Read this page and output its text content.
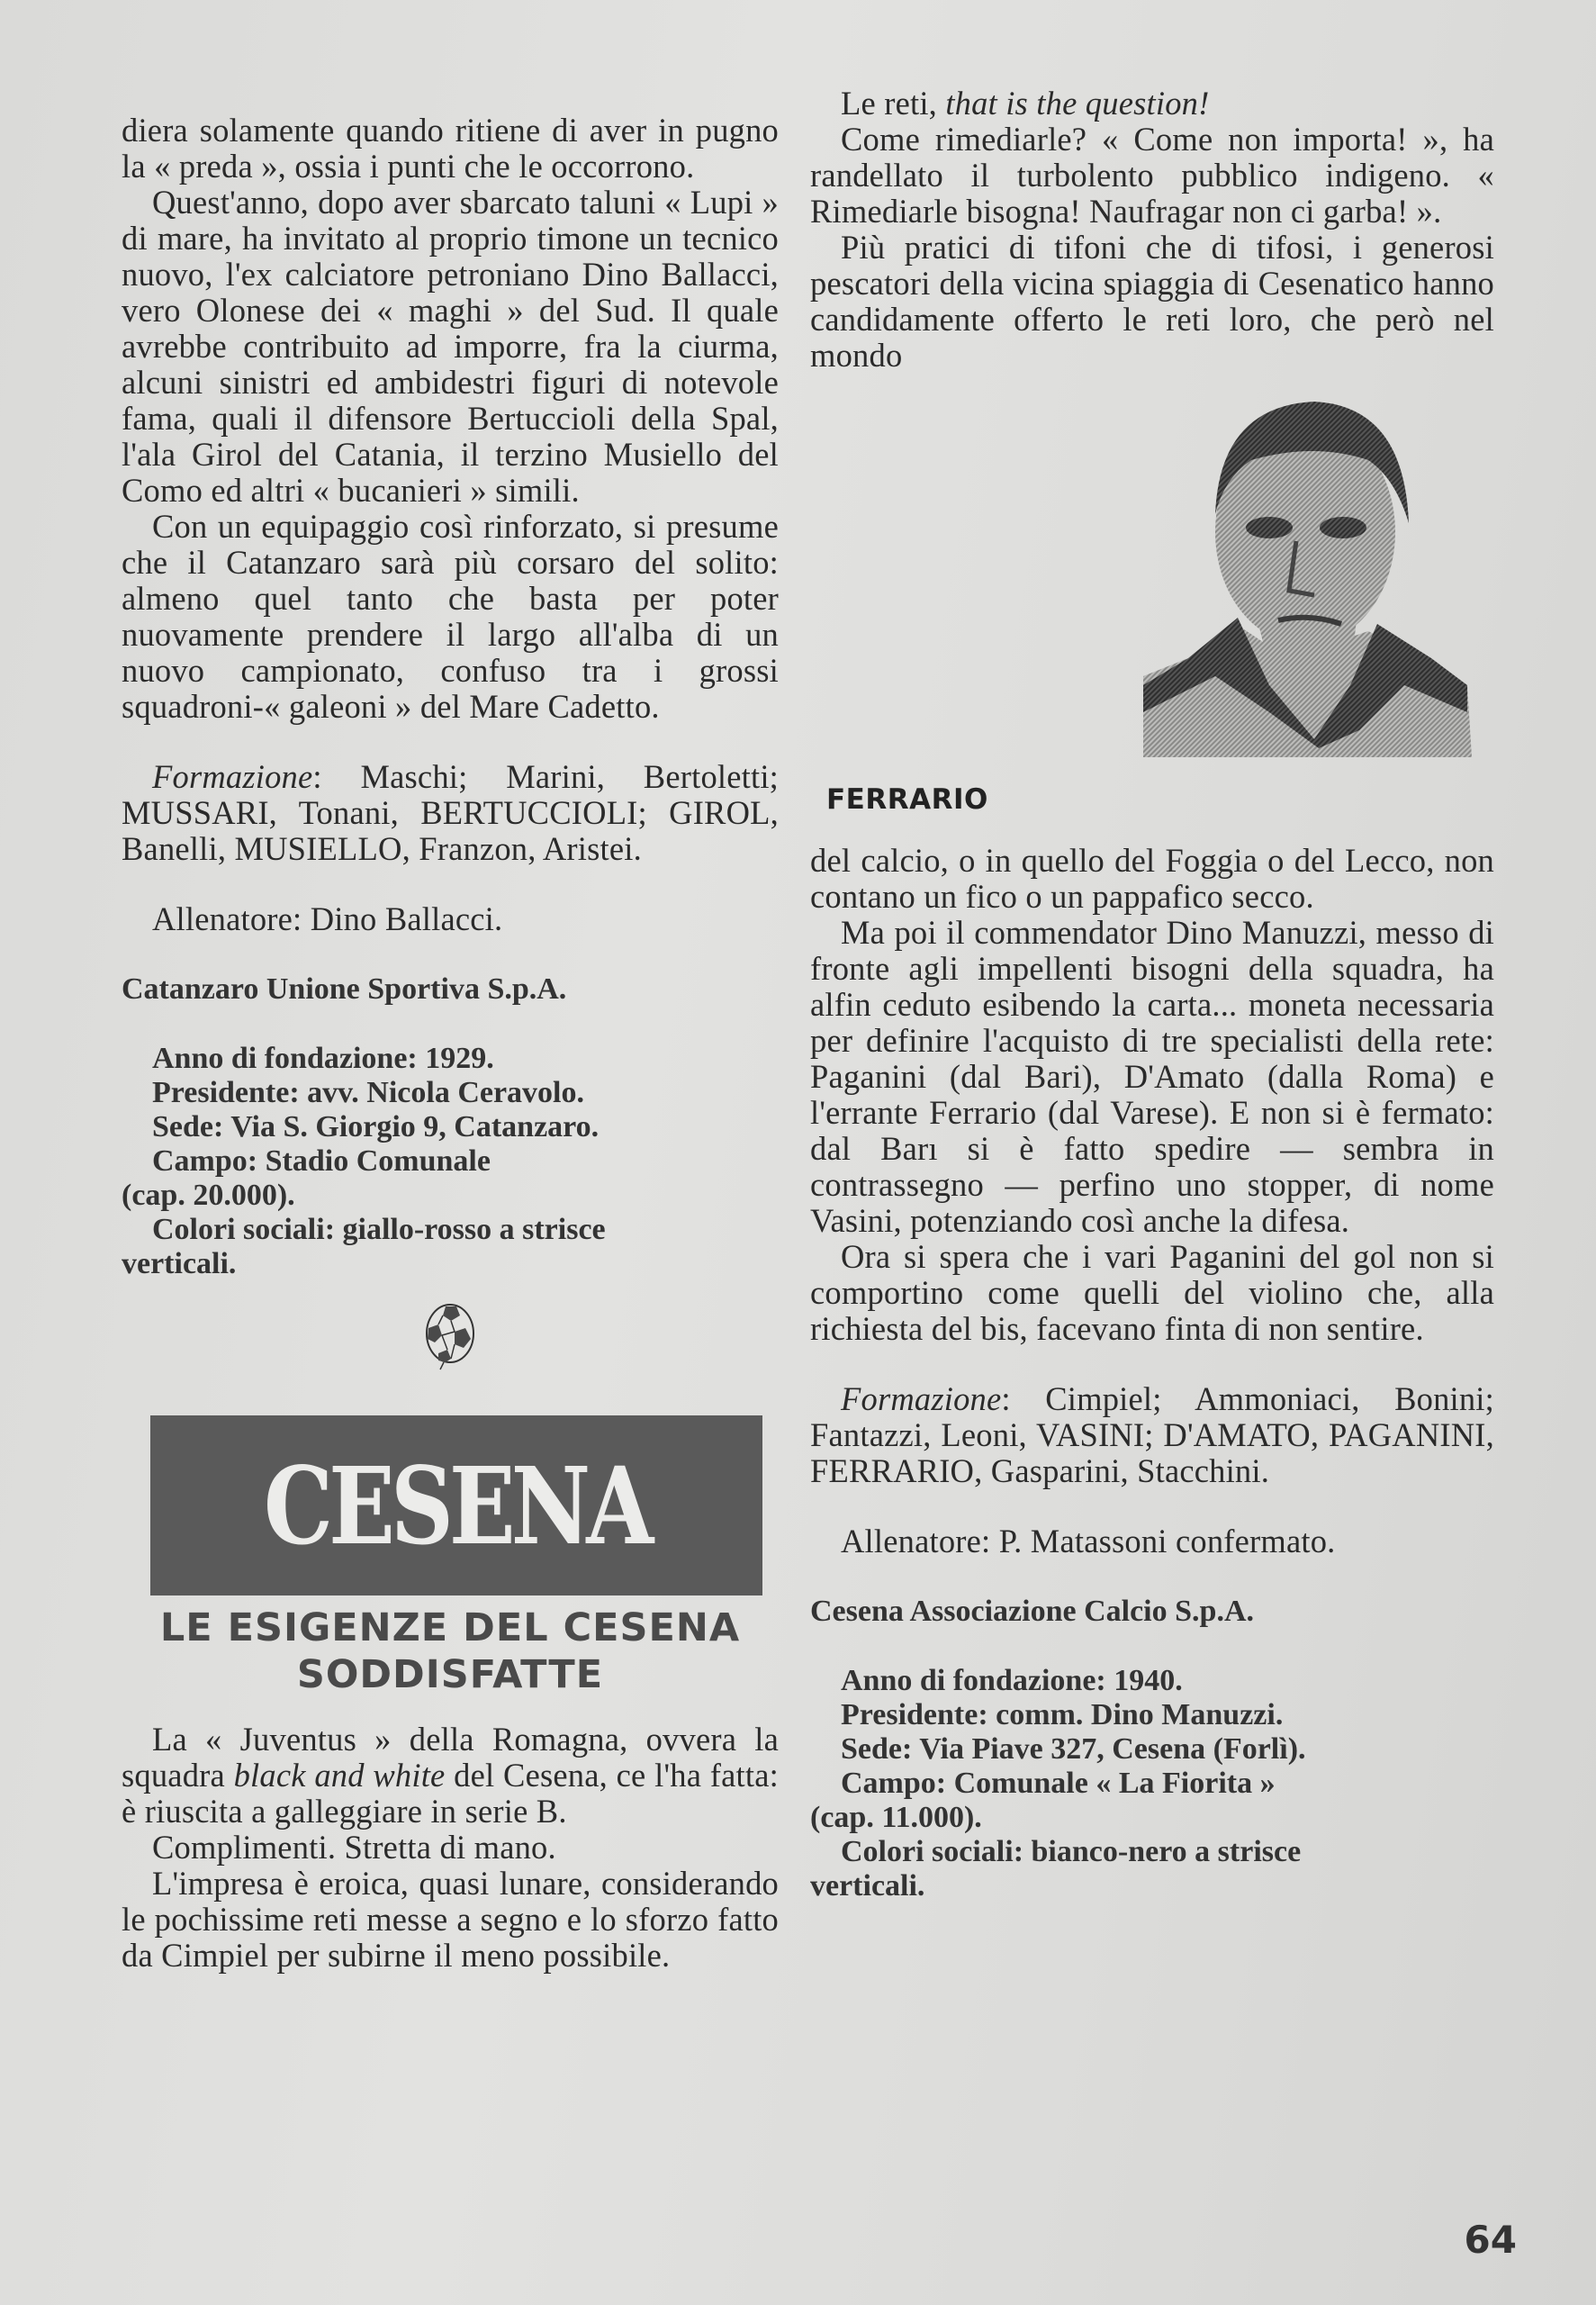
diera solamente quando ritiene di aver in pugno la « preda », ossia i punti che le occorrono.

Quest'anno, dopo aver sbarcato taluni « Lupi » di mare, ha invitato al proprio timone un tecnico nuovo, l'ex calciatore petroniano Dino Ballacci, vero Olonese dei « maghi » del Sud. Il quale avrebbe contribuito ad imporre, fra la ciurma, alcuni sinistri ed ambidestri figuri di notevole fama, quali il difensore Bertuccioli della Spal, l'ala Girol del Catania, il terzino Musiello del Como ed altri « bucanieri » simili.

Con un equipaggio così rinforzato, si presume che il Catanzaro sarà più corsaro del solito: almeno quel tanto che basta per poter nuovamente prendere il largo all'alba di un nuovo campionato, confuso tra i grossi squadroni-« galeoni » del Mare Cadetto.

Formazione: Maschi; Marini, Bertoletti; MUSSARI, Tonani, BERTUCCIOLI; GIROL, Banelli, MUSIELLO, Franzon, Aristei.

Allenatore: Dino Ballacci.

Catanzaro Unione Sportiva S.p.A.

Anno di fondazione: 1929.
Presidente: avv. Nicola Ceravolo.
Sede: Via S. Giorgio 9, Catanzaro.
Campo: Stadio Comunale
(cap. 20.000).
Colori sociali: giallo-rosso a strisce
verticali.
CESENA
LE ESIGENZE DEL CESENA
SODDISFATTE

La « Juventus » della Romagna, ovvera la squadra black and white del Cesena, ce l'ha fatta: è riuscita a galleggiare in serie B.

Complimenti. Stretta di mano.

L'impresa è eroica, quasi lunare, considerando le pochissime reti messe a segno e lo sforzo fatto da Cimpiel per subirne il meno possibile.

Le reti, that is the question!

Come rimediarle? « Come non importa! », ha randellato il turbolento pubblico indigeno. « Rimediarle bisogna! Naufragar non ci garba! ».

Più pratici di tifoni che di tifosi, i generosi pescatori della vicina spiaggia di Cesenatico hanno candidamente offerto le reti loro, che però nel mondo

FERRARIO

del calcio, o in quello del Foggia o del Lecco, non contano un fico o un pappafico secco.

Ma poi il commendator Dino Manuzzi, messo di fronte agli impellenti bisogni della squadra, ha alfin ceduto esibendo la carta... moneta necessaria per definire l'acquisto di tre specialisti della rete: Paganini (dal Bari), D'Amato (dalla Roma) e l'errante Ferrario (dal Varese). E non si è fermato: dal Barı si è fatto spedire — sembra in contrassegno — perfino uno stopper, di nome Vasini, potenziando così anche la difesa.

Ora si spera che i vari Paganini del gol non si comportino come quelli del violino che, alla richiesta del bis, facevano finta di non sentire.

Formazione: Cimpiel; Ammoniaci, Bonini; Fantazzi, Leoni, VASINI; D'AMATO, PAGANINI, FERRARIO, Gasparini, Stacchini.

Allenatore: P. Matassoni confermato.

Cesena Associazione Calcio S.p.A.

Anno di fondazione: 1940.
Presidente: comm. Dino Manuzzi.
Sede: Via Piave 327, Cesena (Forlì).
Campo: Comunale « La Fiorita »
(cap. 11.000).
Colori sociali: bianco-nero a strisce
verticali.
64
